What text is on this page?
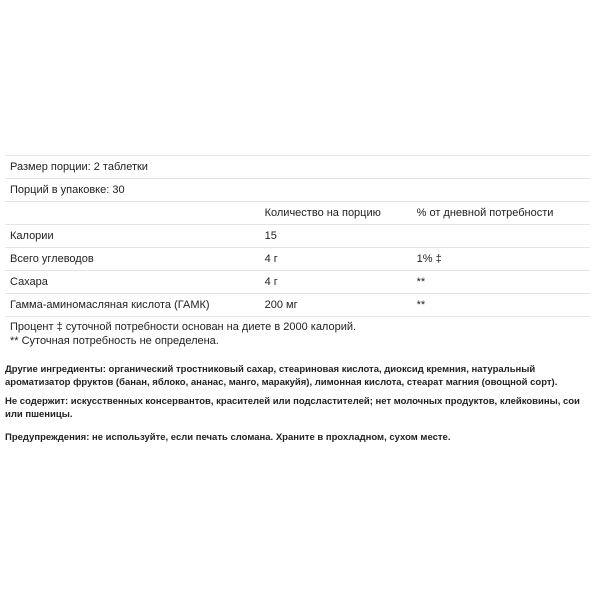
Размер порции: 2 таблетки		
Порций в упаковке: 30		
	Количество на порцию	% от дневной потребности
Калории	15	
Всего углеводов	4 г	1% ‡
Сахара	4 г	**
Гамма-аминомасляная кислота (ГАМК)	200 мг	**

Процент ‡ суточной потребности основан на диете в 2000 калорий.
** Суточная потребность не определена.
Другие ингредиенты: органический тростниковый сахар, стеариновая кислота, диоксид кремния, натуральный ароматизатор фруктов (банан, яблоко, ананас, манго, маракуйя), лимонная кислота, стеарат магния (овощной сорт).
Не содержит: искусственных консервантов, красителей или подсластителей; нет молочных продуктов, клейковины, сои или пшеницы.
Предупреждения: не используйте, если печать сломана. Храните в прохладном, сухом месте.
